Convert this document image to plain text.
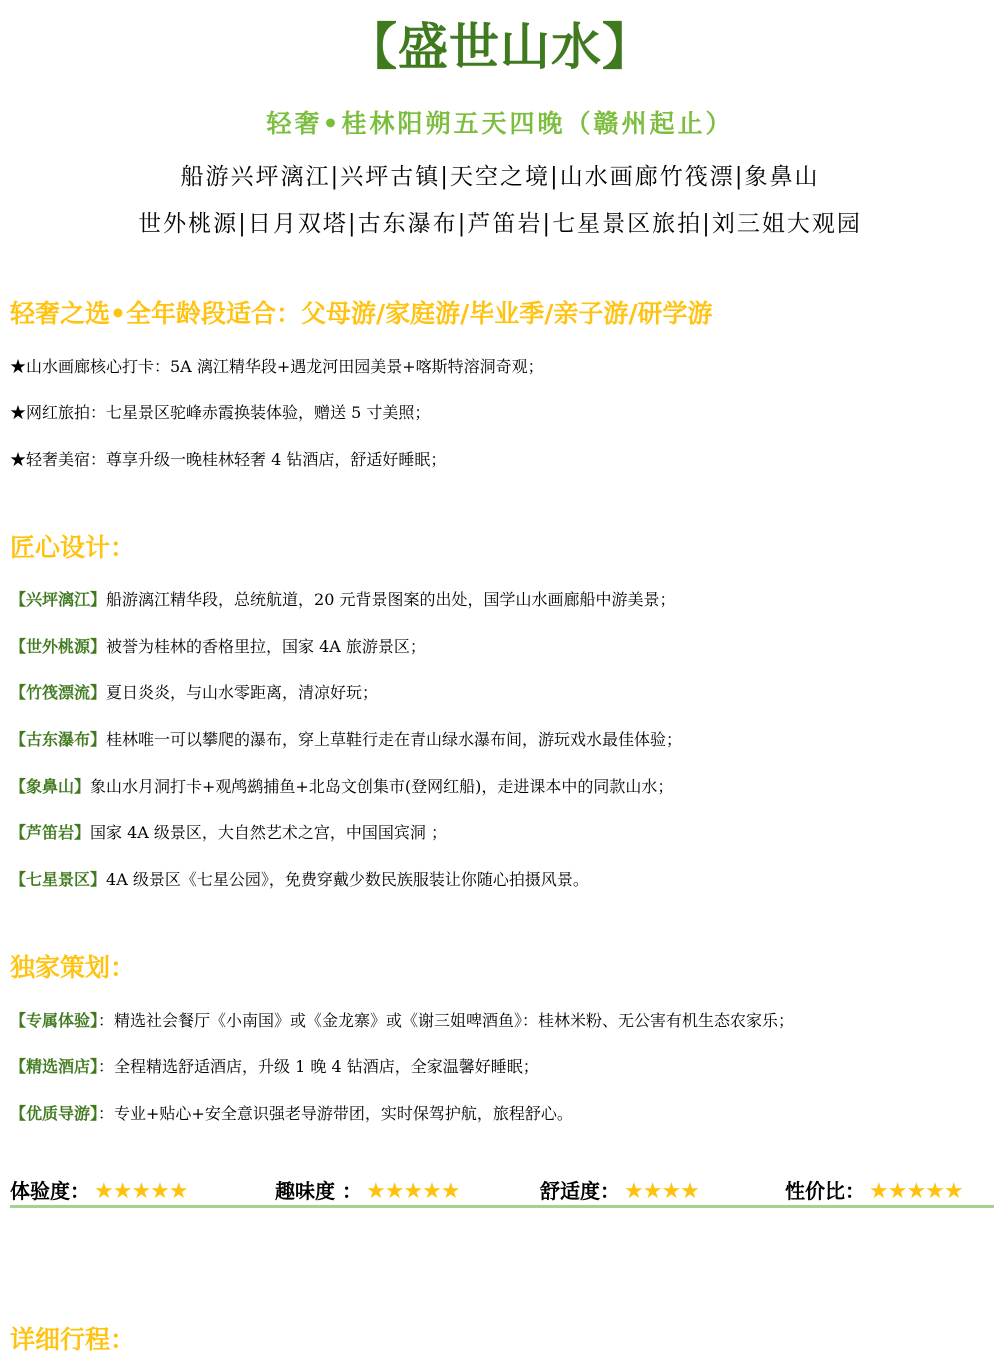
【盛世山水】
轻奢•桂林阳朔五天四晚（赣州起止）
船游兴坪漓江|兴坪古镇|天空之境|山水画廊竹筏漂|象鼻山
世外桃源|日月双塔|古东瀑布|芦笛岩|七星景区旅拍|刘三姐大观园
轻奢之选•全年龄段适合：父母游/家庭游/毕业季/亲子游/研学游
★山水画廊核心打卡：5A 漓江精华段+遇龙河田园美景+喀斯特溶洞奇观；
★网红旅拍：七星景区驼峰赤霞换装体验，赠送 5 寸美照；
★轻奢美宿：尊享升级一晚桂林轻奢 4 钻酒店，舒适好睡眠；
匠心设计：
【兴坪漓江】船游漓江精华段，总统航道，20 元背景图案的出处，国学山水画廊船中游美景；
【世外桃源】被誉为桂林的香格里拉，国家 4A 旅游景区；
【竹筏漂流】夏日炎炎，与山水零距离，清凉好玩；
【古东瀑布】桂林唯一可以攀爬的瀑布，穿上草鞋行走在青山绿水瀑布间，游玩戏水最佳体验；
【象鼻山】象山水月洞打卡+观鸬鹚捕鱼+北岛文创集市(登网红船)，走进课本中的同款山水；
【芦笛岩】国家 4A 级景区，大自然艺术之宫，中国国宾洞 ；
【七星景区】4A 级景区《七星公园》，免费穿戴少数民族服装让你随心拍摄风景。
独家策划：
【专属体验】：精选社会餐厅《小南国》或《金龙寨》或《谢三姐啤酒鱼》：桂林米粉、无公害有机生态农家乐；
【精选酒店】：全程精选舒适酒店，升级 1 晚 4 钻酒店，全家温馨好睡眠；
【优质导游】：专业+贴心+安全意识强老导游带团，实时保驾护航，旅程舒心。
体验度： ★★★★★	趣味度 ： ★★★★★	舒适度： ★★★★	性价比： ★★★★★
详细行程：
